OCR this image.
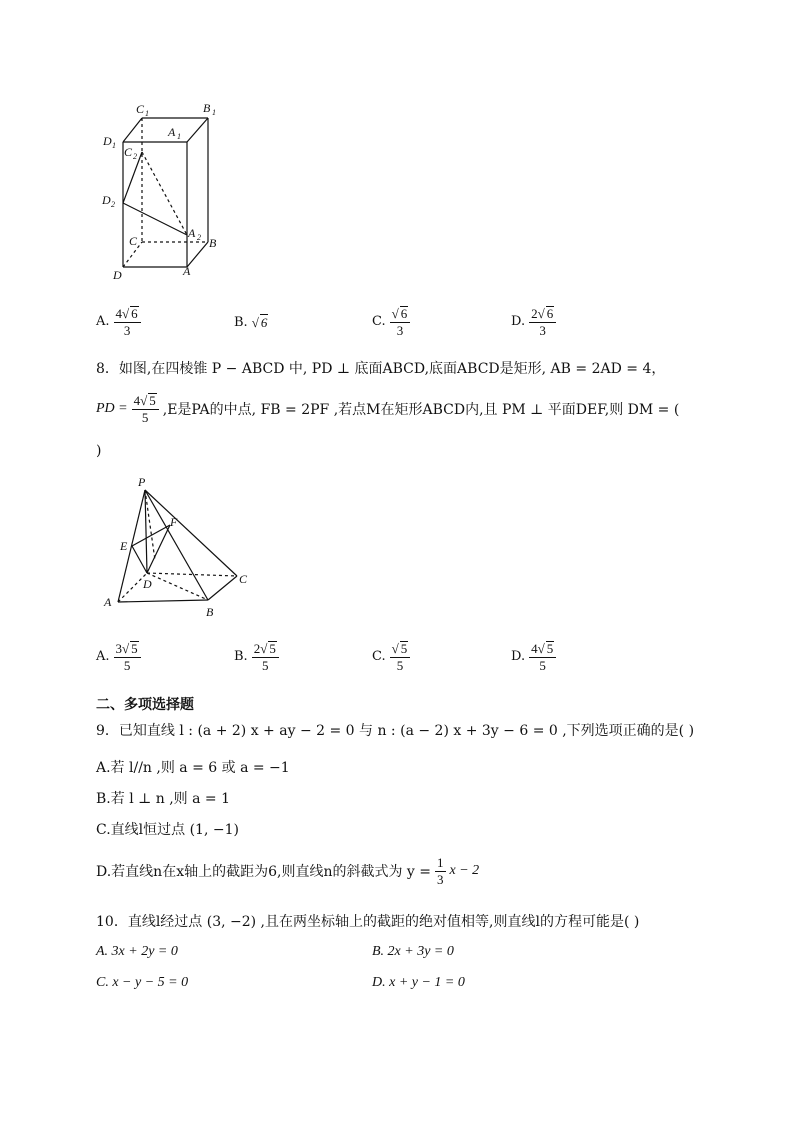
C 1	B 1
D 1
A 1
C 2
D 2
C
A 2 B
D	A
A. $\frac{4√ 6}{3}$	B. √ 6	C. $\frac{√ 6}{3}$	D. $\frac{2√ 6}{3}$
8．如图,在四棱锥 P − ABCD 中, PD ⊥ 底面ABCD,底面ABCD是矩形, AB = 2AD = 4，
PD = $\frac{4√ 5}{5} ,E$是PA的中点, FB = 2PF ,若点M在矩形ABCD内,且 PM ⊥ 平面DEF,则 DM = (
)
P
F
E
D	C
A
B
A. $\frac{3√ 5}{5}$	B. $\frac{2√ 5}{5}$	C. $\frac{√ 5}{5}$	D. $\frac{4√ 5}{5}$
二、多项选择题
9．已知直线 l : (a + 2) x + ay − 2 = 0 与 n : (a − 2) x + 3y − 6 = 0 ,下列选项正确的是( )
A.若 l//n ,则 a = 6 或 a = −1
B.若 l ⊥ n ,则 a = 1
C.直线l恒过点 (1, −1)
D.若直线n在x轴上的截距为6,则直线n的斜截式为 $y = \frac{1}{3}$ x − 2
10．直线l经过点 (3, −2) ,且在两坐标轴上的截距的绝对值相等,则直线l的方程可能是( )
A. 3x + 2y = 0	B. 2x + 3y = 0
C. x − y − 5 = 0	D. x + y − 1 = 0
